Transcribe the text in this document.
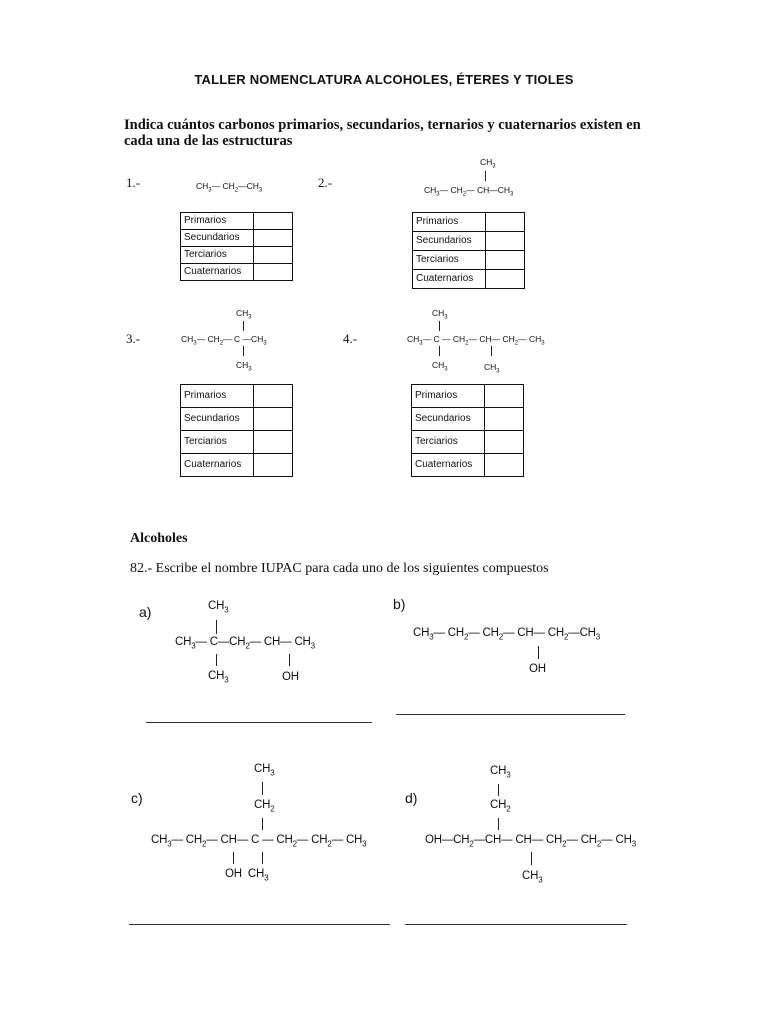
TALLER NOMENCLATURA ALCOHOLES, ÉTERES Y TIOLES
Indica cuántos carbonos primarios, secundarios, ternarios y cuaternarios existen en cada una de las estructuras
1.-	$CH_3—$ $CH_2—CH_3$
Primarios	
Secundarios	
Terciarios	
Cuaternarios	
2.-
$CH_3$
$CH_3—$ $CH_2—$ $CH—CH_3$
Primarios	
Secundarios	
Terciarios	
Cuaternarios	
3.-
$CH_3$
$CH_3—$ $CH_2—$ C $—CH_3$
$CH_3$
Primarios	
Secundarios	
Terciarios	
Cuaternarios	
4.-
$CH_3$
$CH_3—$ C — $CH_2—$ CH— $CH_2—$ $CH_3$
$CH_3$	$CH_3$
Primarios	
Secundarios	
Terciarios	
Cuaternarios	
Alcoholes
82.- Escribe el nombre IUPAC para cada uno de los siguientes compuestos
a)	$CH_3$
$CH_3—$ $C—CH_2—$ CH— $CH_3$
$CH_3$	OH
b)
$CH_3—$ $CH_2—$ $CH_2—$ CH— $CH_2—CH_3$
OH
c)
$CH_3$
$CH_2$
$CH_3—$ $CH_2—$ CH— C — $CH_2—$ $CH_2—$ $CH_3$
OH  $CH_3$
d)
$CH_3$
$CH_2$
$OH—CH_2—CH—$ CH— $CH_2—$ $CH_2—$ $CH_3$
$CH_3$
